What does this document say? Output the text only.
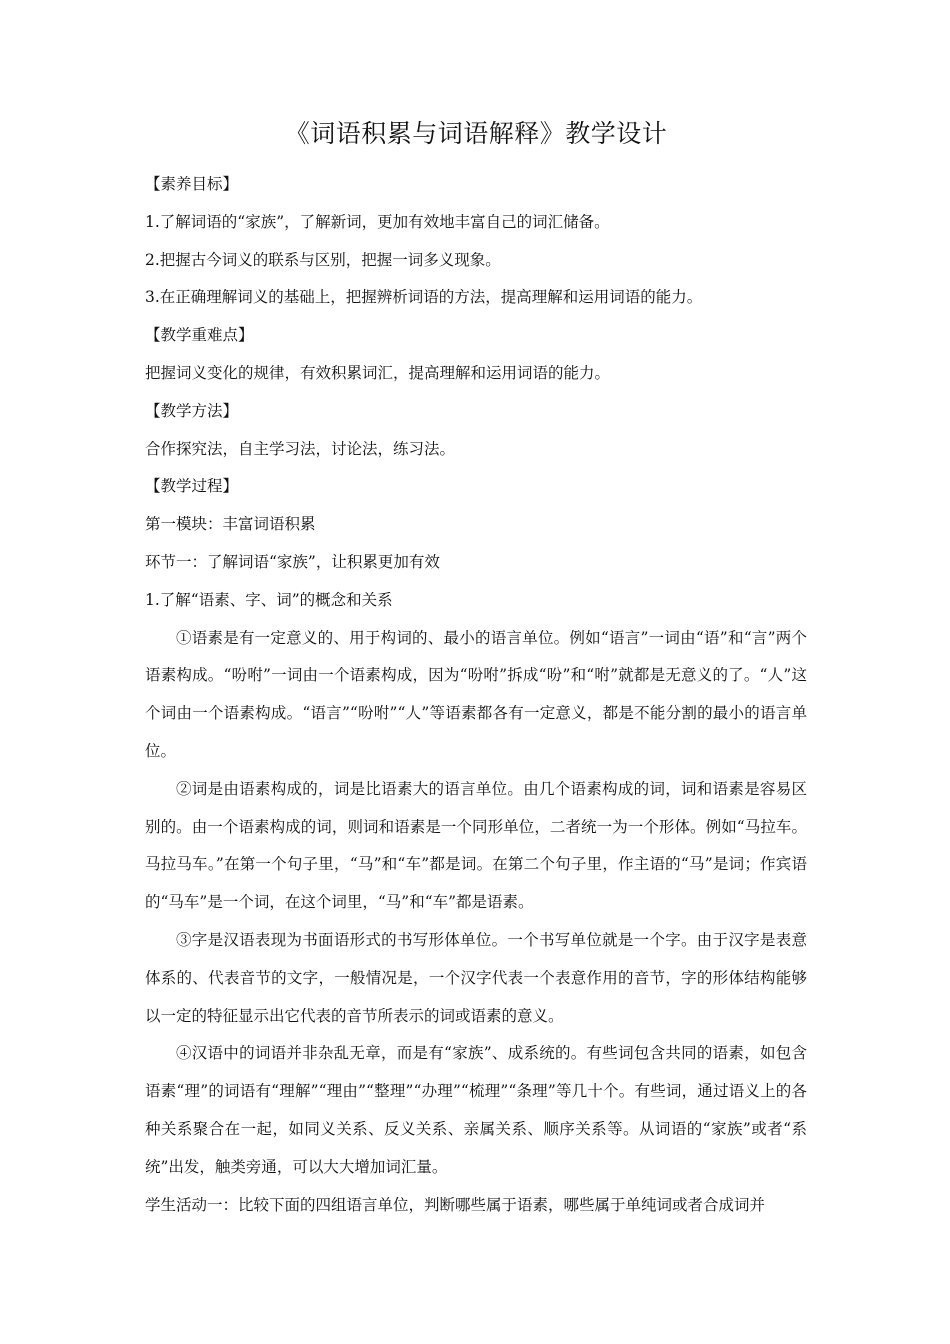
《词语积累与词语解释》教学设计

【素养目标】

1.了解词语的“家族”，了解新词，更加有效地丰富自己的词汇储备。

2.把握古今词义的联系与区别，把握一词多义现象。

3.在正确理解词义的基础上，把握辨析词语的方法，提高理解和运用词语的能力。

【教学重难点】

把握词义变化的规律，有效积累词汇，提高理解和运用词语的能力。

【教学方法】

合作探究法，自主学习法，讨论法，练习法。

【教学过程】

第一模块：丰富词语积累

环节一：了解词语“家族”，让积累更加有效

1.了解“语素、字、词”的概念和关系

①语素是有一定意义的、用于构词的、最小的语言单位。例如“语言”一词由“语”和“言”两个语素构成。“吩咐”一词由一个语素构成，因为“吩咐”拆成“吩”和“咐”就都是无意义的了。“人”这个词由一个语素构成。“语言”“吩咐”“人”等语素都各有一定意义，都是不能分割的最小的语言单位。

②词是由语素构成的，词是比语素大的语言单位。由几个语素构成的词，词和语素是容易区别的。由一个语素构成的词，则词和语素是一个同形单位，二者统一为一个形体。例如“马拉车。马拉马车。”在第一个句子里，“马”和“车”都是词。在第二个句子里，作主语的“马”是词；作宾语的“马车”是一个词，在这个词里，“马”和“车”都是语素。

③字是汉语表现为书面语形式的书写形体单位。一个书写单位就是一个字。由于汉字是表意体系的、代表音节的文字，一般情况是，一个汉字代表一个表意作用的音节，字的形体结构能够以一定的特征显示出它代表的音节所表示的词或语素的意义。

④汉语中的词语并非杂乱无章，而是有“家族”、成系统的。有些词包含共同的语素，如包含语素“理”的词语有“理解”“理由”“整理”“办理”“梳理”“条理”等几十个。有些词，通过语义上的各种关系聚合在一起，如同义关系、反义关系、亲属关系、顺序关系等。从词语的“家族”或者“系统”出发，触类旁通，可以大大增加词汇量。

学生活动一：比较下面的四组语言单位，判断哪些属于语素，哪些属于单纯词或者合成词并
